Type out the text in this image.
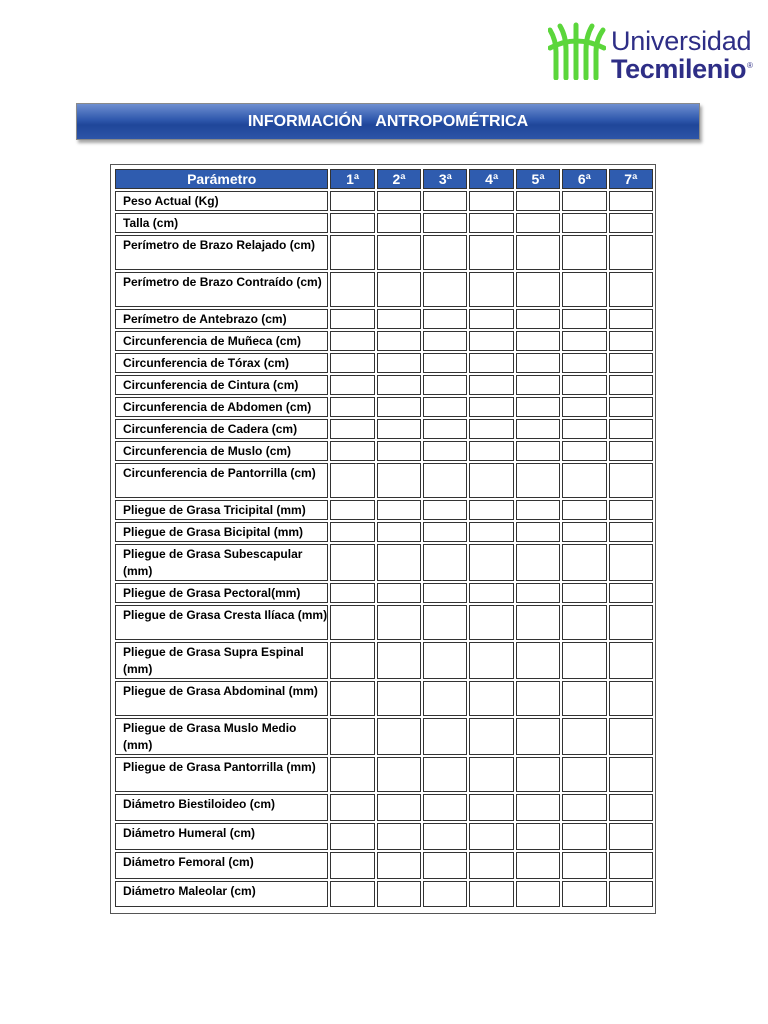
Universidad
Tecmilenio®
INFORMACIÓN   ANTROPOMÉTRICA
Parámetro	1ª	2ª	3ª	4ª	5ª	6ª	7ª
Peso Actual (Kg)							
Talla (cm)							
Perímetro de Brazo Relajado (cm)							
Perímetro de Brazo Contraído (cm)							
Perímetro de Antebrazo (cm)							
Circunferencia de Muñeca (cm)							
Circunferencia de Tórax (cm)							
Circunferencia de Cintura (cm)							
Circunferencia de Abdomen (cm)							
Circunferencia de Cadera (cm)							
Circunferencia de Muslo (cm)							
Circunferencia de Pantorrilla (cm)							
Pliegue de Grasa Tricipital (mm)							
Pliegue de Grasa Bicipital (mm)							
Pliegue de Grasa Subescapular (mm)							
Pliegue de Grasa Pectoral(mm)							
Pliegue de Grasa Cresta Ilíaca (mm)							
Pliegue de Grasa Supra Espinal (mm)							
Pliegue de Grasa Abdominal (mm)							
Pliegue de Grasa Muslo Medio (mm)							
Pliegue de Grasa Pantorrilla (mm)							
Diámetro Biestiloideo (cm)							
Diámetro Humeral (cm)							
Diámetro Femoral (cm)							
Diámetro Maleolar (cm)							
